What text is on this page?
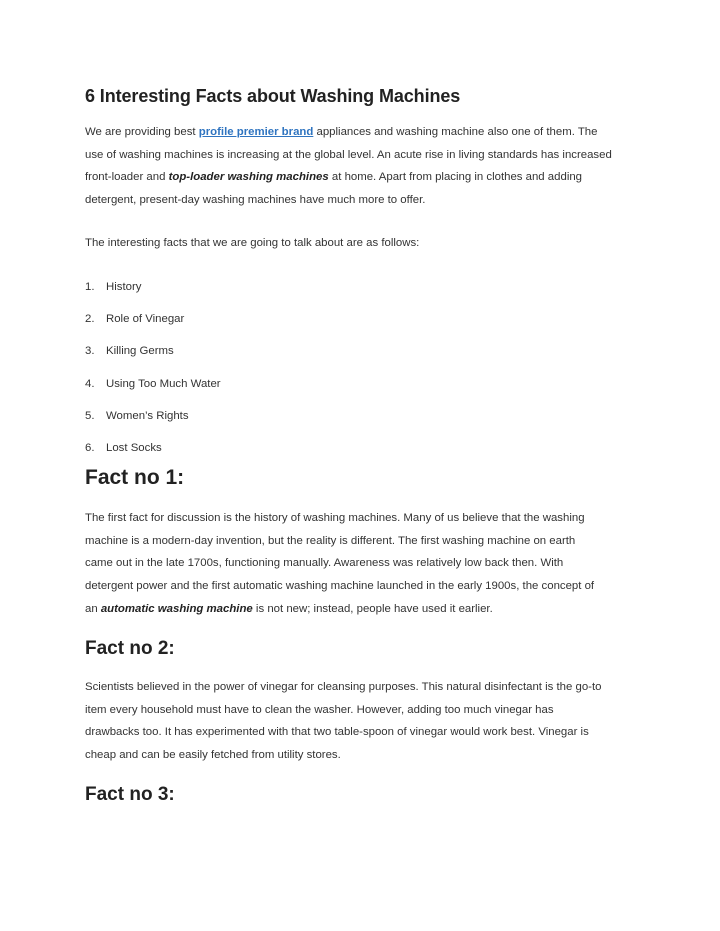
6 Interesting Facts about Washing Machines
We are providing best profile premier brand appliances and washing machine also one of them. The
use of washing machines is increasing at the global level. An acute rise in living standards has increased
front-loader and top-loader washing machines at home. Apart from placing in clothes and adding
detergent, present-day washing machines have much more to offer.
The interesting facts that we are going to talk about are as follows:
1. History
2. Role of Vinegar
3. Killing Germs
4. Using Too Much Water
5. Women’s Rights
6. Lost Socks
Fact no 1:
The first fact for discussion is the history of washing machines. Many of us believe that the washing
machine is a modern-day invention, but the reality is different. The first washing machine on earth
came out in the late 1700s, functioning manually. Awareness was relatively low back then. With
detergent power and the first automatic washing machine launched in the early 1900s, the concept of
an automatic washing machine is not new; instead, people have used it earlier.
Fact no 2:
Scientists believed in the power of vinegar for cleansing purposes. This natural disinfectant is the go-to
item every household must have to clean the washer. However, adding too much vinegar has
drawbacks too. It has experimented with that two table-spoon of vinegar would work best. Vinegar is
cheap and can be easily fetched from utility stores.
Fact no 3:
